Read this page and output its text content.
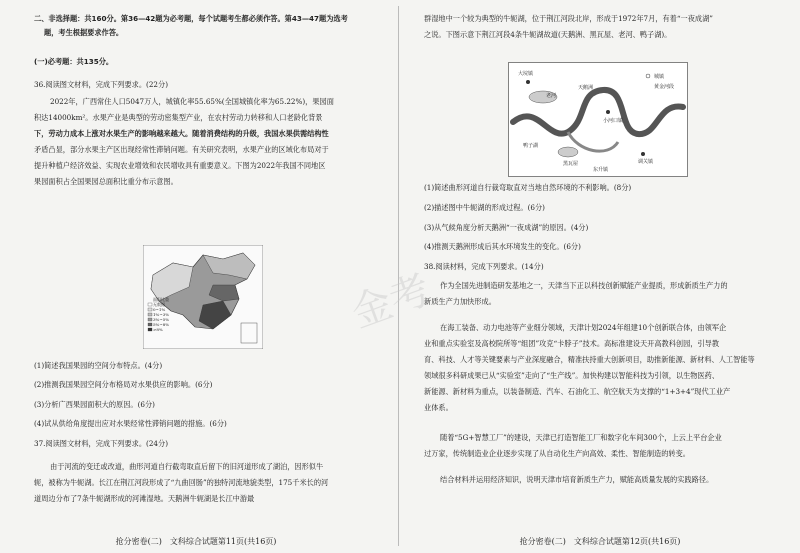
二、非选择题：共160分。第36—42题为必考题，每个试题考生都必须作答。第43—47题为选考

题，考生根据要求作答。

(一)必考题：共135分。

36.阅读图文材料，完成下列要求。(22分)

2022年，广西常住人口5047万人，城镇化率55.65%(全国城镇化率为65.22%)，果园面

积达14000km²。水果产业是典型的劳动密集型产业，在农村劳动力转移和人口老龄化背景

下，劳动力成本上涨对水果生产的影响越来越大。随着消费结构的升级，我国水果供需结构性

矛盾凸显，部分水果主产区出现经常性滞销问题。有关研究表明，水果产业的区域化布局对于

提升种植户经济效益、实现农业增效和农民增收具有重要意义。下图为2022年我国不同地区

果园面积占全国果园总面积比重分布示意图。

面积比重
无数据
0~1%
1%~3%
3%~5%
5%~8%
>8%

(1)简述我国果园的空间分布特点。(4分)

(2)推测我国果园空间分布格局对水果供应的影响。(6分)

(3)分析广西果园面积大的原因。(6分)

(4)试从供给角度提出应对水果经常性滞销问题的措施。(6分)

37.阅读图文材料，完成下列要求。(24分)

由于河流的变迁或改道，曲形河道自行截弯取直后留下的旧河道形成了湖泊，因形似牛

轭，被称为牛轭湖。长江在荆江河段形成了“九曲回肠”的独特河流地貌类型，175千米长的河

道周边分布了7条牛轭湖形成的河滩湿地。天鹅洲牛轭湖是长江中游最

抢分密卷(二)　文科综合试题第11页(共16页)

群湿地中一个较为典型的牛轭湖，位于荆江河段北岸，形成于1972年7月，有着“一夜成湖”

之说。下图示意下荆江河段4条牛轭湖故道(天鹅洲、黑瓦屋、老河、鸭子湖)。

大垸镇
老河
天鹅洲
小河口镇
鸭子湖
黑瓦屋
东升镇
调关镇
城镇
黄金河段

(1)简述曲形河道自行裁弯取直对当地自然环境的不利影响。(8分)

(2)描述图中牛轭湖的形成过程。(6分)

(3)从气候角度分析天鹅洲“一夜成湖”的原因。(4分)

(4)推测天鹅洲形成后其水环境发生的变化。(6分)

38.阅读材料，完成下列要求。(14分)

作为全国先进制造研发基地之一，天津当下正以科技创新赋能产业提质，形成新质生产力的

新质生产力加快形成。

在海工装备、动力电池等产业细分领域，天津计划2024年组建10个创新联合体，由领军企

业和重点实验室及高校院所等“组团”攻克“卡脖子”技术。高标准建设天开高教科创园，引导教

育、科技、人才等关键要素与产业深度融合，精准扶持重大创新项目，助推新能源、新材料、人工智能等

领域很多科研成果已从“实验室”走向了“生产线”。加快构建以智能科技为引领，以生物医药、

新能源、新材料为重点，以装备制造、汽车、石油化工、航空航天为支撑的“1+3+4”现代工业产

业体系。

随着“5G+智慧工厂”的建设，天津已打造智能工厂和数字化车间300个，上云上平台企业

过万家，传统制造业企业逐步实现了从自动化生产向高效、柔性、智能制造的转变。

结合材料并运用经济知识，说明天津市培育新质生产力，赋能高质量发展的实践路径。

抢分密卷(二)　文科综合试题第12页(共16页)
金考
